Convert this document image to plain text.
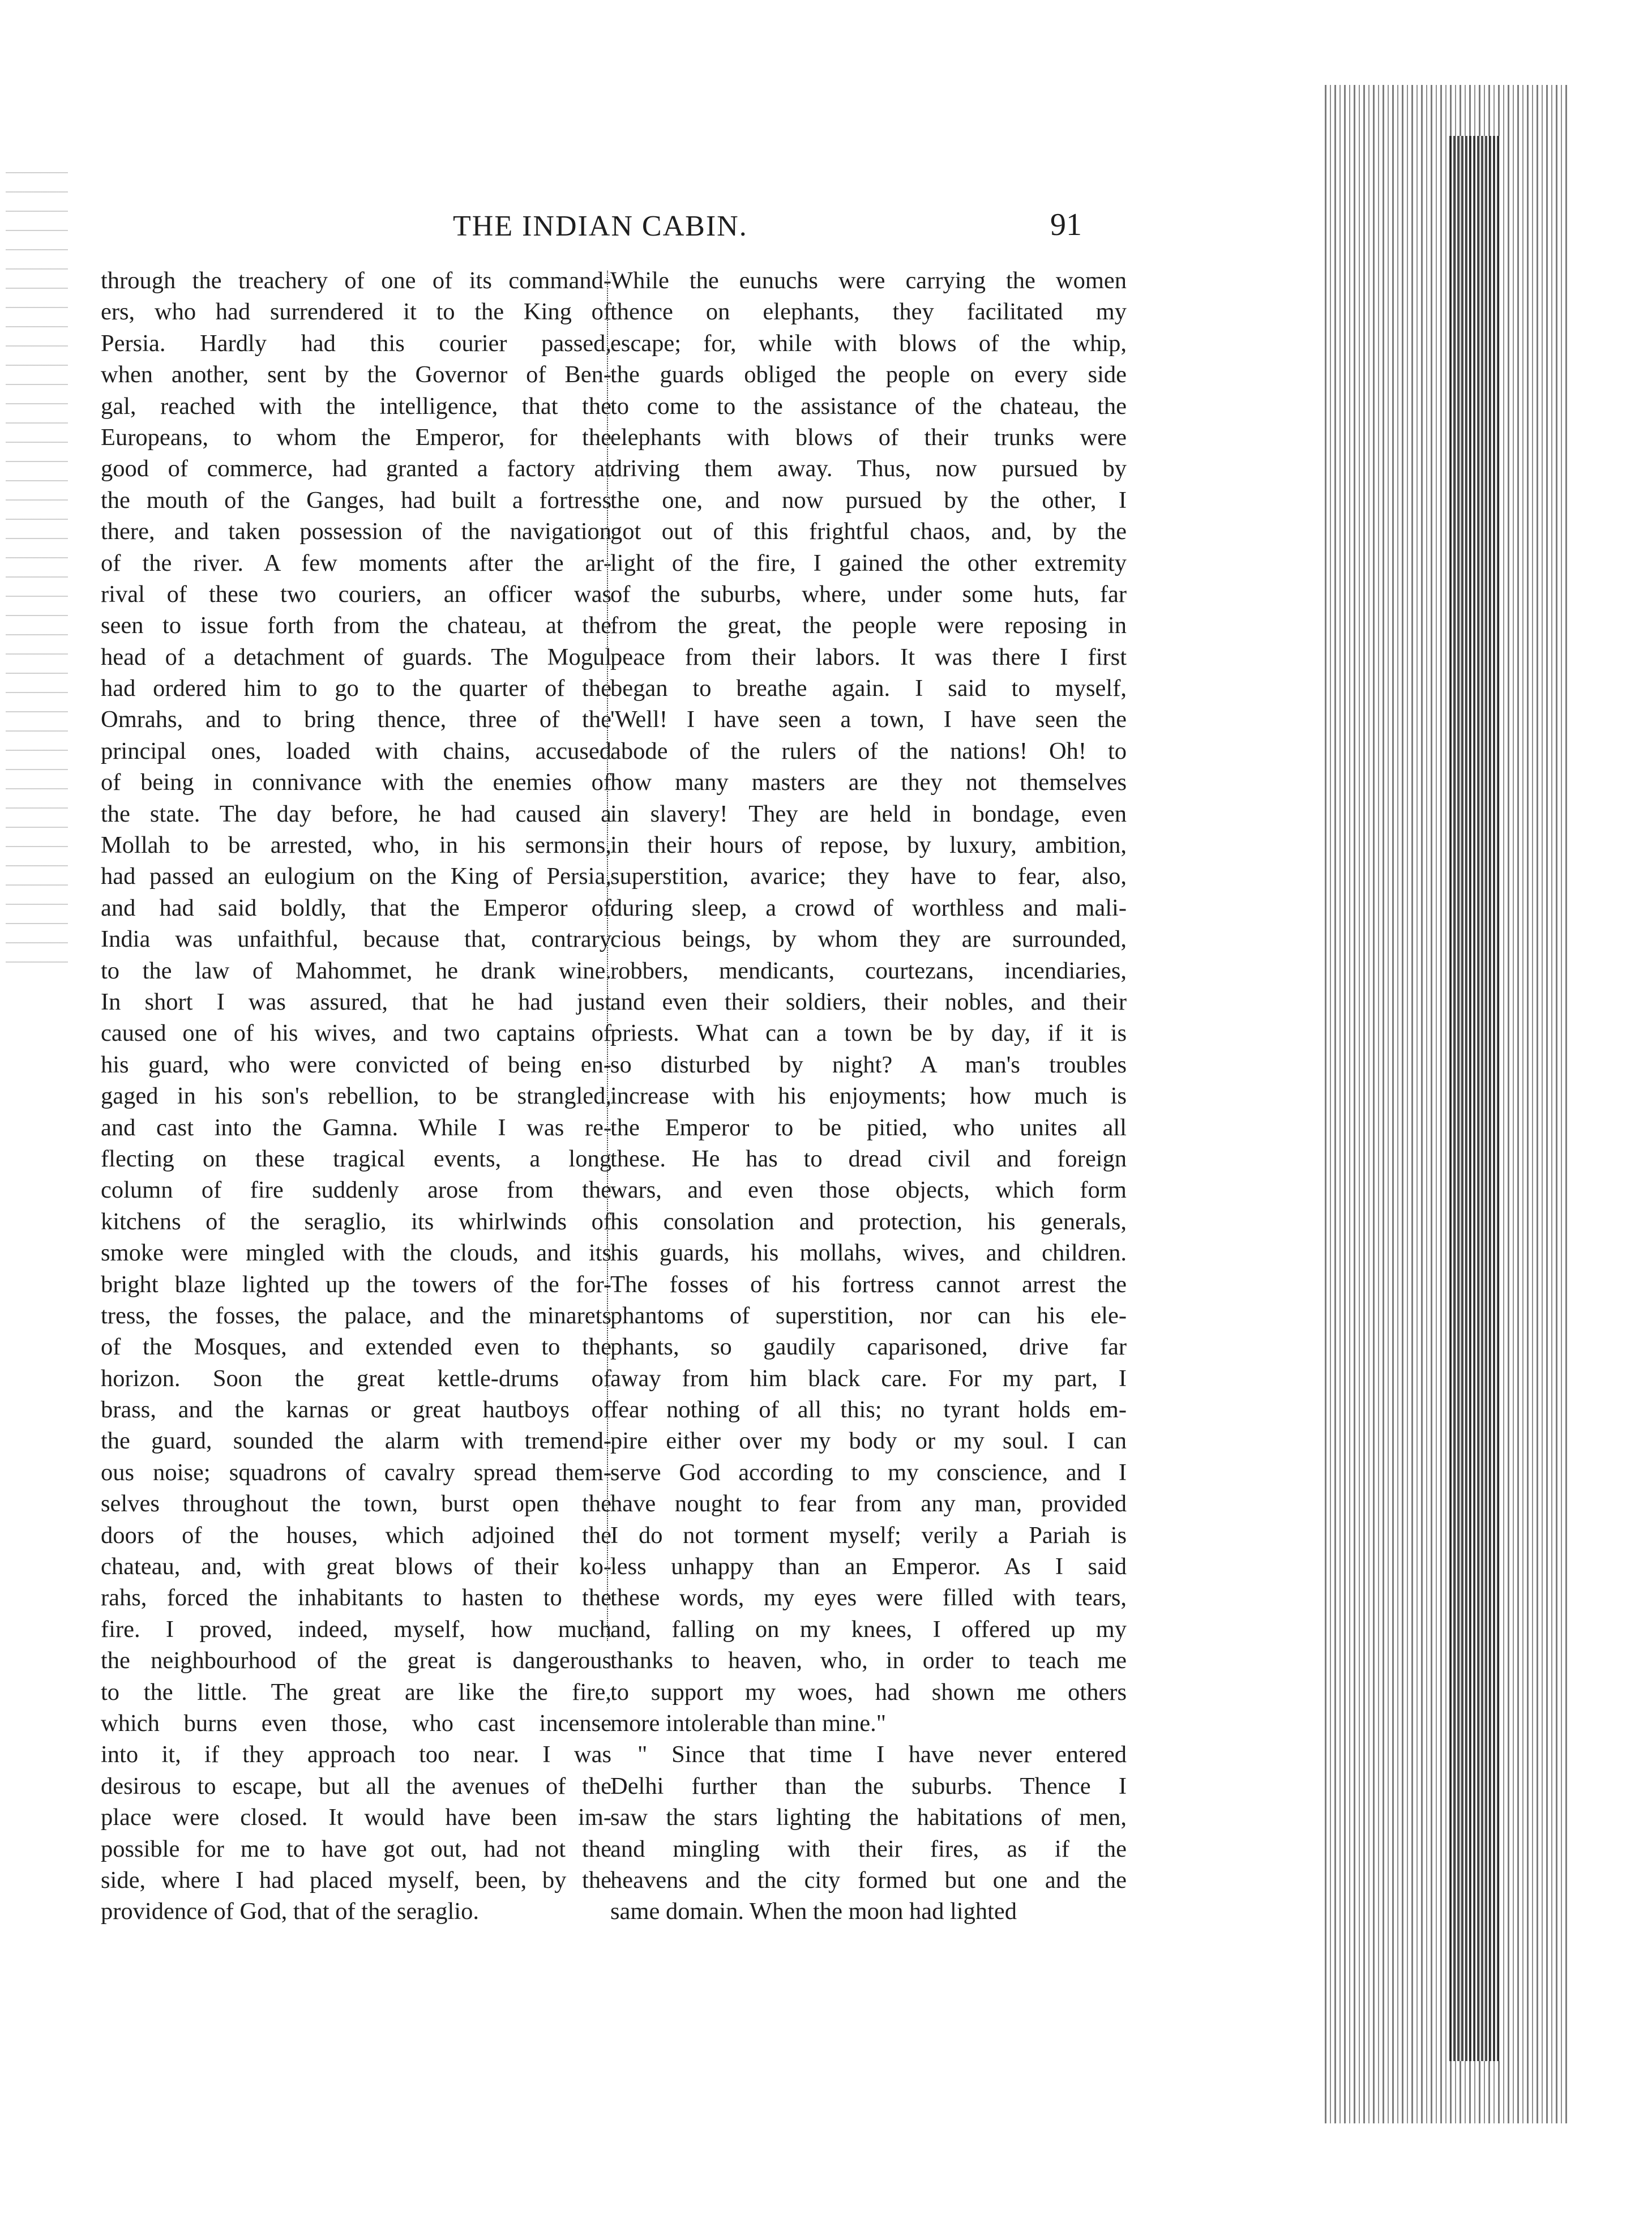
THE INDIAN CABIN.	91
through the treachery of one of its command-
ers, who had surrendered it to the King of
Persia. Hardly had this courier passed,
when another, sent by the Governor of Ben-
gal, reached with the intelligence, that the
Europeans, to whom the Emperor, for the
good of commerce, had granted a factory at
the mouth of the Ganges, had built a fortress
there, and taken possession of the navigation
of the river. A few moments after the ar-
rival of these two couriers, an officer was
seen to issue forth from the chateau, at the
head of a detachment of guards. The Mogul
had ordered him to go to the quarter of the
Omrahs, and to bring thence, three of the
principal ones, loaded with chains, accused
of being in connivance with the enemies of
the state. The day before, he had caused a
Mollah to be arrested, who, in his sermons,
had passed an eulogium on the King of Persia,
and had said boldly, that the Emperor of
India was unfaithful, because that, contrary
to the law of Mahommet, he drank wine.
In short I was assured, that he had just
caused one of his wives, and two captains of
his guard, who were convicted of being en-
gaged in his son's rebellion, to be strangled,
and cast into the Gamna. While I was re-
flecting on these tragical events, a long
column of fire suddenly arose from the
kitchens of the seraglio, its whirlwinds of
smoke were mingled with the clouds, and its
bright blaze lighted up the towers of the for-
tress, the fosses, the palace, and the minarets
of the Mosques, and extended even to the
horizon. Soon the great kettle-drums of
brass, and the karnas or great hautboys of
the guard, sounded the alarm with tremend-
ous noise; squadrons of cavalry spread them-
selves throughout the town, burst open the
doors of the houses, which adjoined the
chateau, and, with great blows of their ko-
rahs, forced the inhabitants to hasten to the
fire. I proved, indeed, myself, how much
the neighbourhood of the great is dangerous
to the little. The great are like the fire,
which burns even those, who cast incense
into it, if they approach too near. I was
desirous to escape, but all the avenues of the
place were closed. It would have been im-
possible for me to have got out, had not the
side, where I had placed myself, been, by the
providence of God, that of the seraglio.
While the eunuchs were carrying the women
thence on elephants, they facilitated my
escape; for, while with blows of the whip,
the guards obliged the people on every side
to come to the assistance of the chateau, the
elephants with blows of their trunks were
driving them away. Thus, now pursued by
the one, and now pursued by the other, I
got out of this frightful chaos, and, by the
light of the fire, I gained the other extremity
of the suburbs, where, under some huts, far
from the great, the people were reposing in
peace from their labors. It was there I first
began to breathe again. I said to myself,
'Well! I have seen a town, I have seen the
abode of the rulers of the nations! Oh! to
how many masters are they not themselves
in slavery! They are held in bondage, even
in their hours of repose, by luxury, ambition,
superstition, avarice; they have to fear, also,
during sleep, a crowd of worthless and mali-
cious beings, by whom they are surrounded,
robbers, mendicants, courtezans, incendiaries,
and even their soldiers, their nobles, and their
priests. What can a town be by day, if it is
so disturbed by night? A man's troubles
increase with his enjoyments; how much is
the Emperor to be pitied, who unites all
these. He has to dread civil and foreign
wars, and even those objects, which form
his consolation and protection, his generals,
his guards, his mollahs, wives, and children.
The fosses of his fortress cannot arrest the
phantoms of superstition, nor can his ele-
phants, so gaudily caparisoned, drive far
away from him black care. For my part, I
fear nothing of all this; no tyrant holds em-
pire either over my body or my soul. I can
serve God according to my conscience, and I
have nought to fear from any man, provided
I do not torment myself; verily a Pariah is
less unhappy than an Emperor. As I said
these words, my eyes were filled with tears,
and, falling on my knees, I offered up my
thanks to heaven, who, in order to teach me
to support my woes, had shown me others
more intolerable than mine."
" Since that time I have never entered
Delhi further than the suburbs. Thence I
saw the stars lighting the habitations of men,
and mingling with their fires, as if the
heavens and the city formed but one and the
same domain. When the moon had lighted
